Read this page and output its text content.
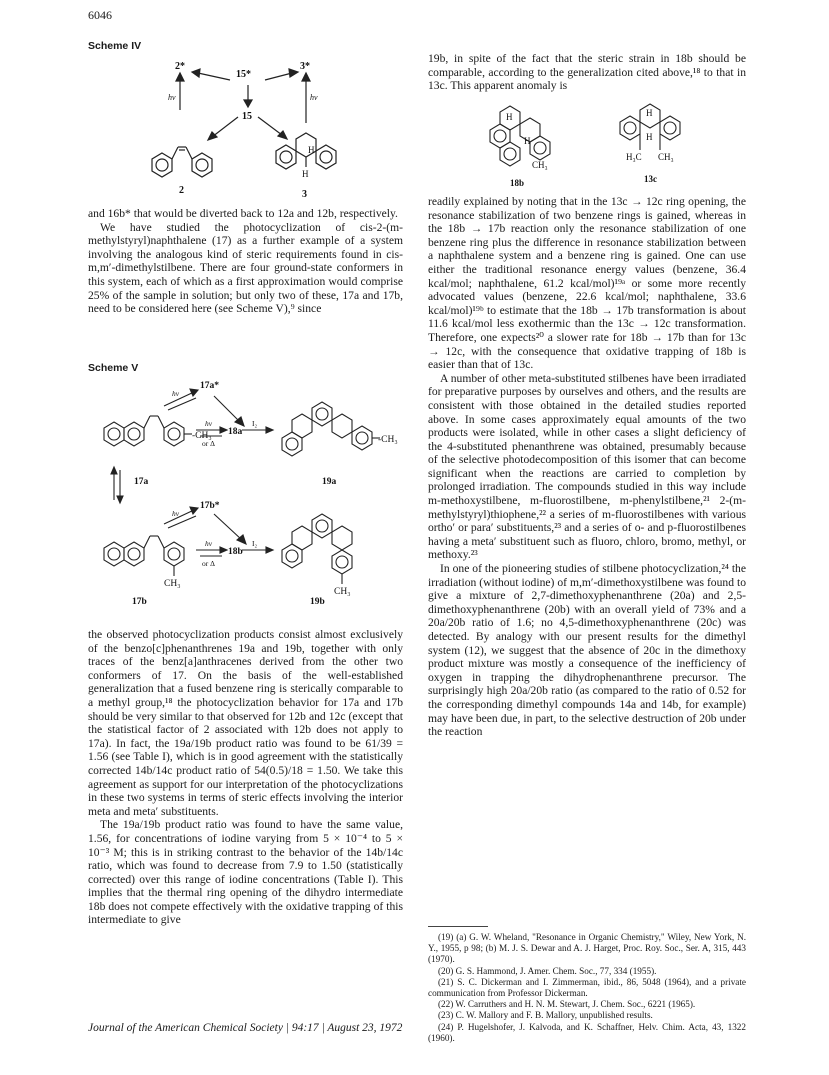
6046
Scheme IV
2*
15*
3*
15
hν	hν
2	3
H
H

and 16b* that would be diverted back to 12a and 12b, respectively.

We have studied the photocyclization of cis-2-(m-methylstyryl)naphthalene (17) as a further example of a system involving the analogous kind of steric requirements found in cis-m,m′-dimethylstilbene. There are four ground-state conformers in this system, each of which as a first approximation would comprise 25% of the sample in solution; but only two of these, 17a and 17b, need to be considered here (see Scheme V),⁹ since

Scheme V
17a*
hν
-CH₃
hν
or Δ
18a
I₂
-CH₃
17a	19a
17b*
hν
hν
or Δ
18b
I₂
CH₃
CH₃
17b	19b

the observed photocyclization products consist almost exclusively of the benzo[c]phenanthrenes 19a and 19b, together with only traces of the benz[a]anthracenes derived from the other two conformers of 17. On the basis of the well-established generalization that a fused benzene ring is sterically comparable to a methyl group,¹⁸ the photocyclization behavior for 17a and 17b should be very similar to that observed for 12b and 12c (except that the statistical factor of 2 associated with 12b does not apply to 17a). In fact, the 19a/19b product ratio was found to be 61/39 = 1.56 (see Table I), which is in good agreement with the statistically corrected 14b/14c product ratio of 54(0.5)/18 = 1.50. We take this agreement as support for our interpretation of the photocyclizations in these two systems in terms of steric effects involving the interior meta and meta′ substituents.

The 19a/19b product ratio was found to have the same value, 1.56, for concentrations of iodine varying from 5 × 10⁻⁴ to 5 × 10⁻³ M; this is in striking contrast to the behavior of the 14b/14c ratio, which was found to decrease from 7.9 to 1.50 (statistically corrected) over this range of iodine concentrations (Table I). This implies that the thermal ring opening of the dihydro intermediate 18b does not compete effectively with the oxidative trapping of this intermediate to give

19b, in spite of the fact that the steric strain in 18b should be comparable, according to the generalization cited above,¹⁸ to that in 13c. This apparent anomaly is

H
H
CH₃
H
H
H₃C CH₃
18b	13c

readily explained by noting that in the 13c → 12c ring opening, the resonance stabilization of two benzene rings is gained, whereas in the 18b → 17b reaction only the resonance stabilization of one benzene ring plus the difference in resonance stabilization between a naphthalene system and a benzene ring is gained. One can use either the traditional resonance energy values (benzene, 36.4 kcal/mol; naphthalene, 61.2 kcal/mol)¹⁹ᵃ or some more recently advocated values (benzene, 22.6 kcal/mol; naphthalene, 33.6 kcal/mol)¹⁹ᵇ to estimate that the 18b → 17b transformation is about 11.6 kcal/mol less exothermic than the 13c → 12c transformation. Therefore, one expects²⁰ a slower rate for 18b → 17b than for 13c → 12c, with the consequence that oxidative trapping of 18b is easier than that of 13c.

A number of other meta-substituted stilbenes have been irradiated for preparative purposes by ourselves and others, and the results are consistent with those obtained in the detailed studies reported above. In some cases approximately equal amounts of the two products were isolated, while in other cases a slight deficiency of the 4-substituted phenanthrene was obtained, presumably because of the selective photodecomposition of this isomer that can become significant when the reactions are carried to completion by prolonged irradiation. The compounds studied in this way include m-methoxystilbene, m-fluorostilbene, m-phenylstilbene,²¹ 2-(m-methylstyryl)thiophene,²² a series of m-fluorostilbenes with various ortho′ or para′ substituents,²³ and a series of o- and p-fluorostilbenes having a meta′ substituent such as fluoro, chloro, bromo, methyl, or methoxy.²³

In one of the pioneering studies of stilbene photocyclization,²⁴ the irradiation (without iodine) of m,m′-dimethoxystilbene was found to give a mixture of 2,7-dimethoxyphenanthrene (20a) and 2,5-dimethoxyphenanthrene (20b) with an overall yield of 73% and a 20a/20b ratio of 1.6; no 4,5-dimethoxyphenanthrene (20c) was detected. By analogy with our present results for the dimethyl system (12), we suggest that the absence of 20c in the dimethoxy product mixture was mostly a consequence of the inefficiency of oxygen in trapping the dihydrophenanthrene precursor. The surprisingly high 20a/20b ratio (as compared to the ratio of 0.52 for the corresponding dimethyl compounds 14a and 14b, for example) may have been due, in part, to the selective destruction of 20b under the reaction

(19) (a) G. W. Wheland, "Resonance in Organic Chemistry," Wiley, New York, N. Y., 1955, p 98; (b) M. J. S. Dewar and A. J. Harget, Proc. Roy. Soc., Ser. A, 315, 443 (1970).
(20) G. S. Hammond, J. Amer. Chem. Soc., 77, 334 (1955).
(21) S. C. Dickerman and I. Zimmerman, ibid., 86, 5048 (1964), and a private communication from Professor Dickerman.
(22) W. Carruthers and H. N. M. Stewart, J. Chem. Soc., 6221 (1965).
(23) C. W. Mallory and F. B. Mallory, unpublished results.
(24) P. Hugelshofer, J. Kalvoda, and K. Schaffner, Helv. Chim. Acta, 43, 1322 (1960).
Journal of the American Chemical Society | 94:17 | August 23, 1972
